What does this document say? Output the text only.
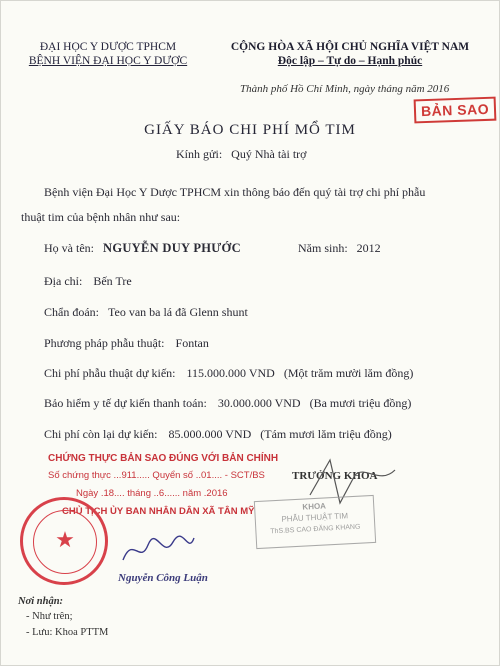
ĐẠI HỌC Y DƯỢC TPHCM
BỆNH VIỆN ĐẠI HỌC Y DƯỢC
CỘNG HÒA XÃ HỘI CHỦ NGHĨA VIỆT NAM
Độc lập – Tự do – Hạnh phúc
Thành phố Hồ Chí Minh, ngày tháng năm 2016
BẢN SAO
GIẤY BÁO CHI PHÍ MỔ TIM
Kính gửi: Quý Nhà tài trợ
Bệnh viện Đại Học Y Dược TPHCM xin thông báo đến quý tài trợ chi phí phẫu
thuật tim của bệnh nhân như sau:
Họ và tên: NGUYỄN DUY PHƯỚC	Năm sinh: 2012
Địa chỉ: Bến Tre
Chẩn đoán: Teo van ba lá đã Glenn shunt
Phương pháp phẫu thuật: Fontan
Chi phí phẫu thuật dự kiến: 115.000.000 VND (Một trăm mười lăm đồng)
Bảo hiểm y tế dự kiến thanh toán: 30.000.000 VND (Ba mươi triệu đồng)
Chi phí còn lại dự kiến: 85.000.000 VND (Tám mươi lăm triệu đồng)
CHỨNG THỰC BẢN SAO ĐÚNG VỚI BẢN CHÍNH
Số chứng thực ...911..... Quyển số ..01.... - SCT/BS
Ngày .18.... tháng ..6...... năm .2016
CHỦ TỊCH ỦY BAN NHÂN DÂN XÃ TÂN MỸ
★
Nguyễn Công Luận
TRƯỞNG KHOA
KHOA
PHẪU THUẬT TIM
ThS.BS CAO ĐĂNG KHANG
Nơi nhận:
- Như trên;
- Lưu: Khoa PTTM
